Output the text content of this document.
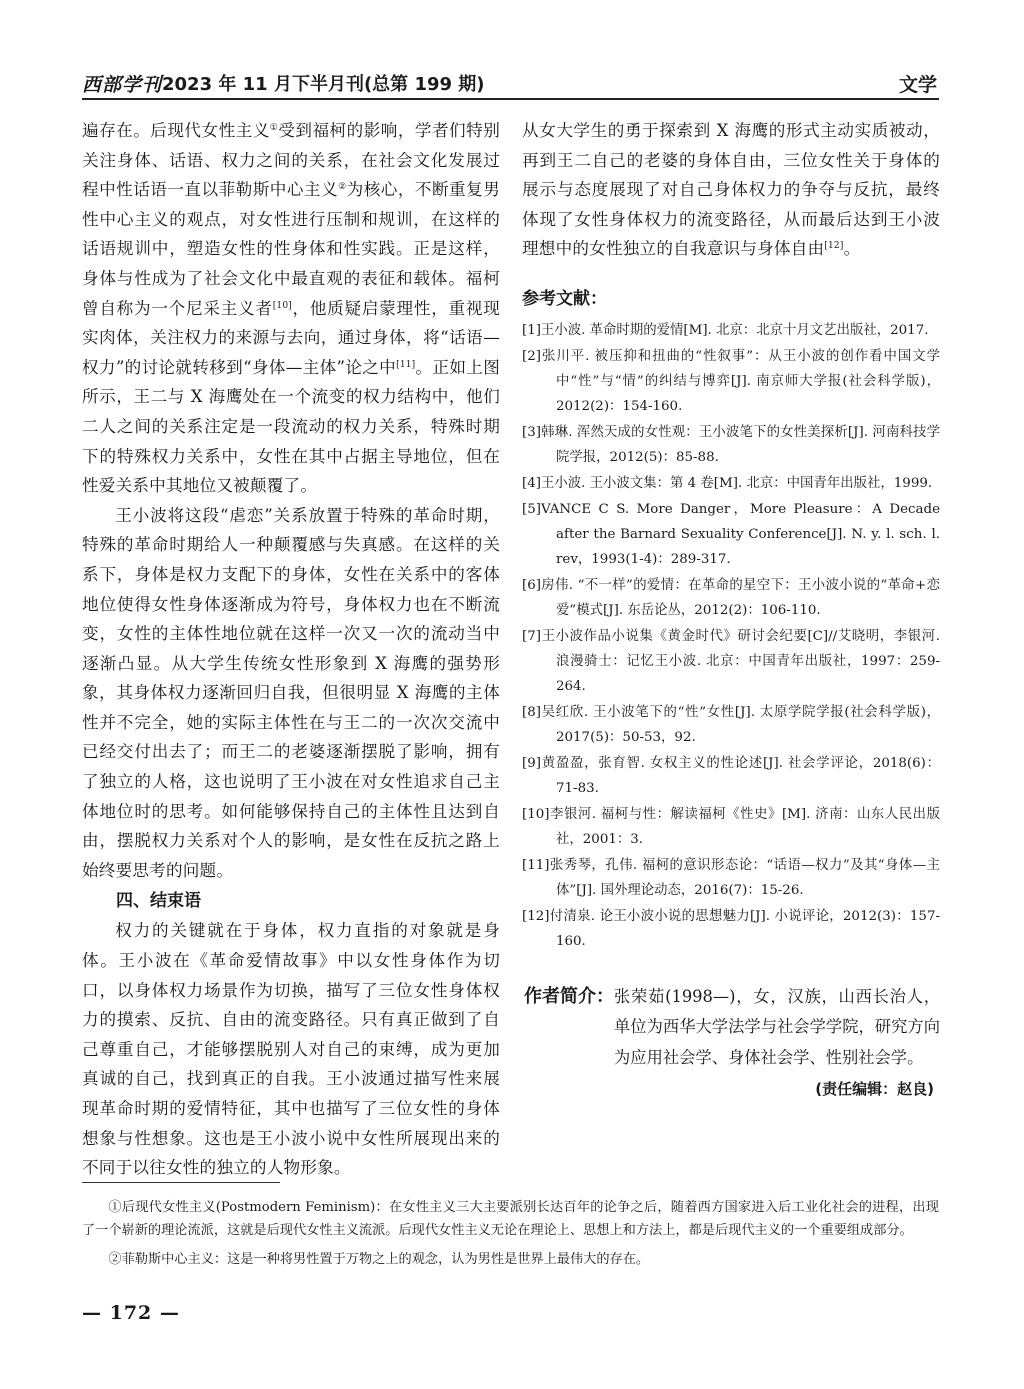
西部学刊 2023 年 11 月下半月刊(总第 199 期)	文学

遍存在。后现代女性主义①受到福柯的影响，学者们特别关注身体、话语、权力之间的关系，在社会文化发展过程中性话语一直以菲勒斯中心主义②为核心，不断重复男性中心主义的观点，对女性进行压制和规训，在这样的话语规训中，塑造女性的性身体和性实践。正是这样，身体与性成为了社会文化中最直观的表征和载体。福柯曾自称为一个尼采主义者[10]，他质疑启蒙理性，重视现实肉体，关注权力的来源与去向，通过身体，将“话语—权力”的讨论就转移到“身体—主体”论之中[11]。正如上图所示，王二与 X 海鹰处在一个流变的权力结构中，他们二人之间的关系注定是一段流动的权力关系，特殊时期下的特殊权力关系中，女性在其中占据主导地位，但在性爱关系中其地位又被颠覆了。

王小波将这段“虐恋”关系放置于特殊的革命时期，特殊的革命时期给人一种颠覆感与失真感。在这样的关系下，身体是权力支配下的身体，女性在关系中的客体地位使得女性身体逐渐成为符号，身体权力也在不断流变，女性的主体性地位就在这样一次又一次的流动当中逐渐凸显。从大学生传统女性形象到 X 海鹰的强势形象，其身体权力逐渐回归自我，但很明显 X 海鹰的主体性并不完全，她的实际主体性在与王二的一次次交流中已经交付出去了；而王二的老婆逐渐摆脱了影响，拥有了独立的人格，这也说明了王小波在对女性追求自己主体地位时的思考。如何能够保持自己的主体性且达到自由，摆脱权力关系对个人的影响，是女性在反抗之路上始终要思考的问题。

四、结束语

权力的关键就在于身体，权力直指的对象就是身体。王小波在《革命爱情故事》中以女性身体作为切口，以身体权力场景作为切换，描写了三位女性身体权力的摸索、反抗、自由的流变路径。只有真正做到了自己尊重自己，才能够摆脱别人对自己的束缚，成为更加真诚的自己，找到真正的自我。王小波通过描写性来展现革命时期的爱情特征，其中也描写了三位女性的身体想象与性想象。这也是王小波小说中女性所展现出来的不同于以往女性的独立的人物形象。

从女大学生的勇于探索到 X 海鹰的形式主动实质被动，再到王二自己的老婆的身体自由，三位女性关于身体的展示与态度展现了对自己身体权力的争夺与反抗，最终体现了女性身体权力的流变路径，从而最后达到王小波理想中的女性独立的自我意识与身体自由[12]。

参考文献：
[1]王小波. 革命时期的爱情[M]. 北京：北京十月文艺出版社，2017.
[2]张川平. 被压抑和扭曲的“性叙事”：从王小波的创作看中国文学中“性”与“情”的纠结与博弈[J]. 南京师大学报(社会科学版)，2012(2)：154-160.
[3]韩琳. 浑然天成的女性观：王小波笔下的女性美探析[J]. 河南科技学院学报，2012(5)：85-88.
[4]王小波. 王小波文集：第 4 卷[M]. 北京：中国青年出版社，1999.
[5]VANCE C S. More Danger，More Pleasure：A Decade after the Barnard Sexuality Conference[J]. N. y. l. sch. l. rev，1993(1-4)：289-317.
[6]房伟. “不一样”的爱情：在革命的星空下：王小波小说的“革命+恋爱”模式[J]. 东岳论丛，2012(2)：106-110.
[7]王小波作品小说集《黄金时代》研讨会纪要[C]//艾晓明，李银河. 浪漫骑士：记忆王小波. 北京：中国青年出版社，1997：259-264.
[8]吴红欣. 王小波笔下的“性”女性[J]. 太原学院学报(社会科学版)，2017(5)：50-53，92.
[9]黄盈盈，张育智. 女权主义的性论述[J]. 社会学评论，2018(6)：71-83.
[10]李银河. 福柯与性：解读福柯《性史》[M]. 济南：山东人民出版社，2001：3.
[11]张秀琴，孔伟. 福柯的意识形态论：“话语—权力”及其“身体—主体”[J]. 国外理论动态，2016(7)：15-26.
[12]付清泉. 论王小波小说的思想魅力[J]. 小说评论，2012(3)：157-160.
作者简介： 张荣茹(1998—)，女，汉族，山西长治人，单位为西华大学法学与社会学学院，研究方向为应用社会学、身体社会学、性别社会学。
(责任编辑：赵良)

①后现代女性主义(Postmodern Feminism)：在女性主义三大主要派别长达百年的论争之后，随着西方国家进入后工业化社会的进程，出现了一个崭新的理论流派，这就是后现代女性主义流派。后现代女性主义无论在理论上、思想上和方法上，都是后现代主义的一个重要组成部分。

②菲勒斯中心主义：这是一种将男性置于万物之上的观念，认为男性是世界上最伟大的存在。

— 172 —
